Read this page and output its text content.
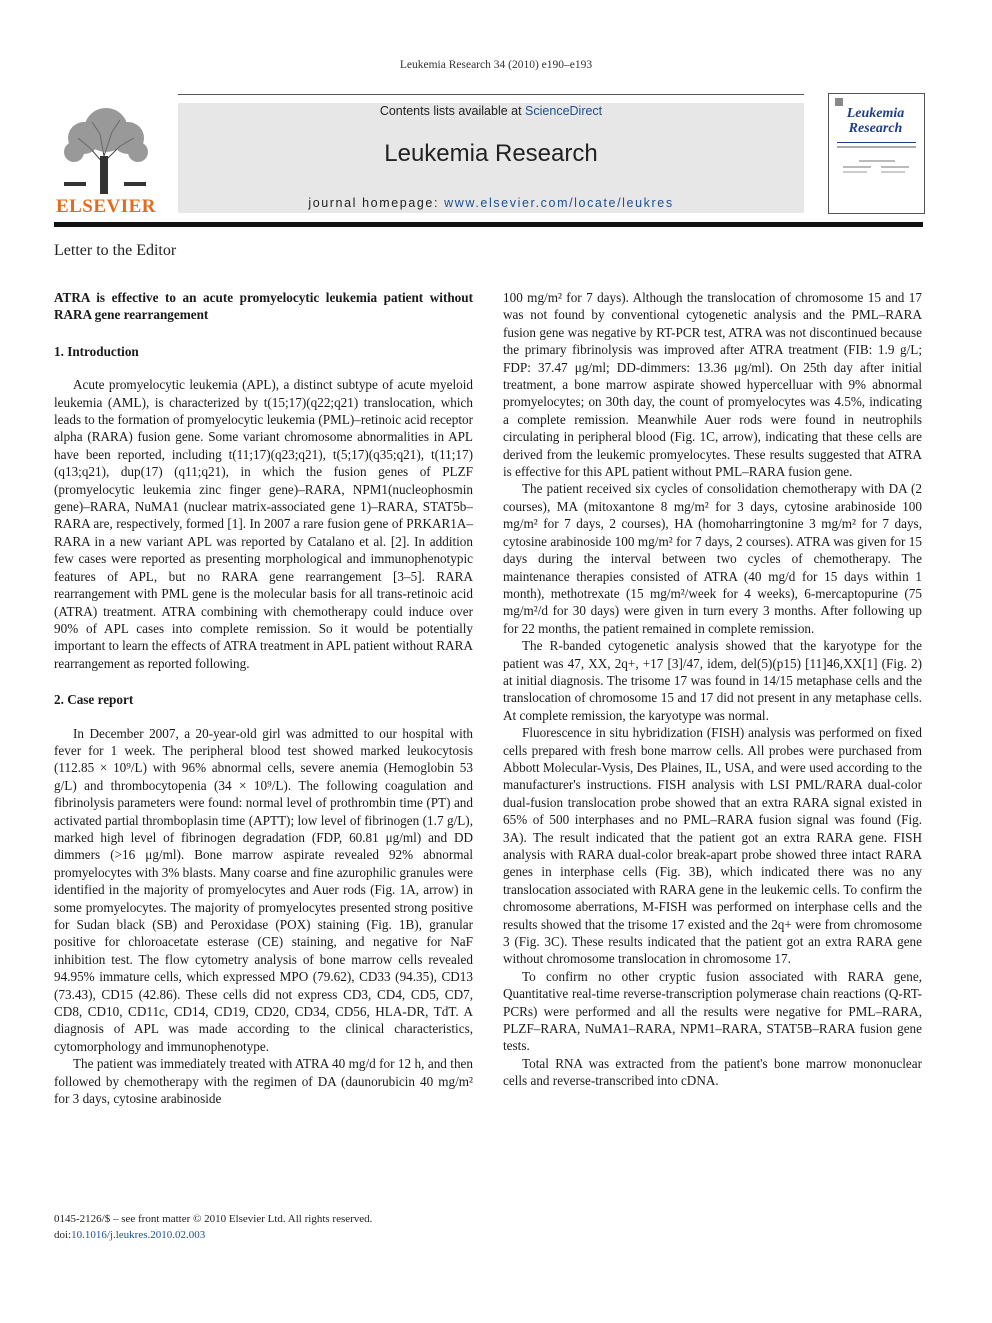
Leukemia Research 34 (2010) e190–e193
ELSEVIER
Contents lists available at ScienceDirect
Leukemia Research
journal homepage: www.elsevier.com/locate/leukres
Leukemia Research
Letter to the Editor
ATRA is effective to an acute promyelocytic leukemia patient without RARA gene rearrangement
1. Introduction

Acute promyelocytic leukemia (APL), a distinct subtype of acute myeloid leukemia (AML), is characterized by t(15;17)(q22;q21) translocation, which leads to the formation of promyelocytic leukemia (PML)–retinoic acid receptor alpha (RARA) fusion gene. Some variant chromosome abnormalities in APL have been reported, including t(11;17)(q23;q21), t(5;17)(q35;q21), t(11;17)(q13;q21), dup(17) (q11;q21), in which the fusion genes of PLZF (promyelocytic leukemia zinc finger gene)–RARA, NPM1(nucleophosmin gene)–RARA, NuMA1 (nuclear matrix-associated gene 1)–RARA, STAT5b–RARA are, respectively, formed [1]. In 2007 a rare fusion gene of PRKAR1A–RARA in a new variant APL was reported by Catalano et al. [2]. In addition few cases were reported as presenting morphological and immunophenotypic features of APL, but no RARA gene rearrangement [3–5]. RARA rearrangement with PML gene is the molecular basis for all trans-retinoic acid (ATRA) treatment. ATRA combining with chemotherapy could induce over 90% of APL cases into complete remission. So it would be potentially important to learn the effects of ATRA treatment in APL patient without RARA rearrangement as reported following.

2. Case report

In December 2007, a 20-year-old girl was admitted to our hospital with fever for 1 week. The peripheral blood test showed marked leukocytosis (112.85 × 10⁹/L) with 96% abnormal cells, severe anemia (Hemoglobin 53 g/L) and thrombocytopenia (34 × 10⁹/L). The following coagulation and fibrinolysis parameters were found: normal level of prothrombin time (PT) and activated partial thromboplasin time (APTT); low level of fibrinogen (1.7 g/L), marked high level of fibrinogen degradation (FDP, 60.81 μg/ml) and DD dimmers (>16 μg/ml). Bone marrow aspirate revealed 92% abnormal promyelocytes with 3% blasts. Many coarse and fine azurophilic granules were identified in the majority of promyelocytes and Auer rods (Fig. 1A, arrow) in some promyelocytes. The majority of promyelocytes presented strong positive for Sudan black (SB) and Peroxidase (POX) staining (Fig. 1B), granular positive for chloroacetate esterase (CE) staining, and negative for NaF inhibition test. The flow cytometry analysis of bone marrow cells revealed 94.95% immature cells, which expressed MPO (79.62), CD33 (94.35), CD13 (73.43), CD15 (42.86). These cells did not express CD3, CD4, CD5, CD7, CD8, CD10, CD11c, CD14, CD19, CD20, CD34, CD56, HLA-DR, TdT. A diagnosis of APL was made according to the clinical characteristics, cytomorphology and immunophenotype.

The patient was immediately treated with ATRA 40 mg/d for 12 h, and then followed by chemotherapy with the regimen of DA (daunorubicin 40 mg/m² for 3 days, cytosine arabinoside

100 mg/m² for 7 days). Although the translocation of chromosome 15 and 17 was not found by conventional cytogenetic analysis and the PML–RARA fusion gene was negative by RT-PCR test, ATRA was not discontinued because the primary fibrinolysis was improved after ATRA treatment (FIB: 1.9 g/L; FDP: 37.47 μg/ml; DD-dimmers: 13.36 μg/ml). On 25th day after initial treatment, a bone marrow aspirate showed hypercelluar with 9% abnormal promyelocytes; on 30th day, the count of promyelocytes was 4.5%, indicating a complete remission. Meanwhile Auer rods were found in neutrophils circulating in peripheral blood (Fig. 1C, arrow), indicating that these cells are derived from the leukemic promyelocytes. These results suggested that ATRA is effective for this APL patient without PML–RARA fusion gene.

The patient received six cycles of consolidation chemotherapy with DA (2 courses), MA (mitoxantone 8 mg/m² for 3 days, cytosine arabinoside 100 mg/m² for 7 days, 2 courses), HA (homoharringtonine 3 mg/m² for 7 days, cytosine arabinoside 100 mg/m² for 7 days, 2 courses). ATRA was given for 15 days during the interval between two cycles of chemotherapy. The maintenance therapies consisted of ATRA (40 mg/d for 15 days within 1 month), methotrexate (15 mg/m²/week for 4 weeks), 6-mercaptopurine (75 mg/m²/d for 30 days) were given in turn every 3 months. After following up for 22 months, the patient remained in complete remission.

The R-banded cytogenetic analysis showed that the karyotype for the patient was 47, XX, 2q+, +17 [3]/47, idem, del(5)(p15) [11]46,XX[1] (Fig. 2) at initial diagnosis. The trisome 17 was found in 14/15 metaphase cells and the translocation of chromosome 15 and 17 did not present in any metaphase cells. At complete remission, the karyotype was normal.

Fluorescence in situ hybridization (FISH) analysis was performed on fixed cells prepared with fresh bone marrow cells. All probes were purchased from Abbott Molecular-Vysis, Des Plaines, IL, USA, and were used according to the manufacturer's instructions. FISH analysis with LSI PML/RARA dual-color dual-fusion translocation probe showed that an extra RARA signal existed in 65% of 500 interphases and no PML–RARA fusion signal was found (Fig. 3A). The result indicated that the patient got an extra RARA gene. FISH analysis with RARA dual-color break-apart probe showed three intact RARA genes in interphase cells (Fig. 3B), which indicated there was no any translocation associated with RARA gene in the leukemic cells. To confirm the chromosome aberrations, M-FISH was performed on interphase cells and the results showed that the trisome 17 existed and the 2q+ were from chromosome 3 (Fig. 3C). These results indicated that the patient got an extra RARA gene without chromosome translocation in chromosome 17.

To confirm no other cryptic fusion associated with RARA gene, Quantitative real-time reverse-transcription polymerase chain reactions (Q-RT-PCRs) were performed and all the results were negative for PML–RARA, PLZF–RARA, NuMA1–RARA, NPM1–RARA, STAT5B–RARA fusion gene tests.

Total RNA was extracted from the patient's bone marrow mononuclear cells and reverse-transcribed into cDNA.

0145-2126/$ – see front matter © 2010 Elsevier Ltd. All rights reserved.
doi:10.1016/j.leukres.2010.02.003
